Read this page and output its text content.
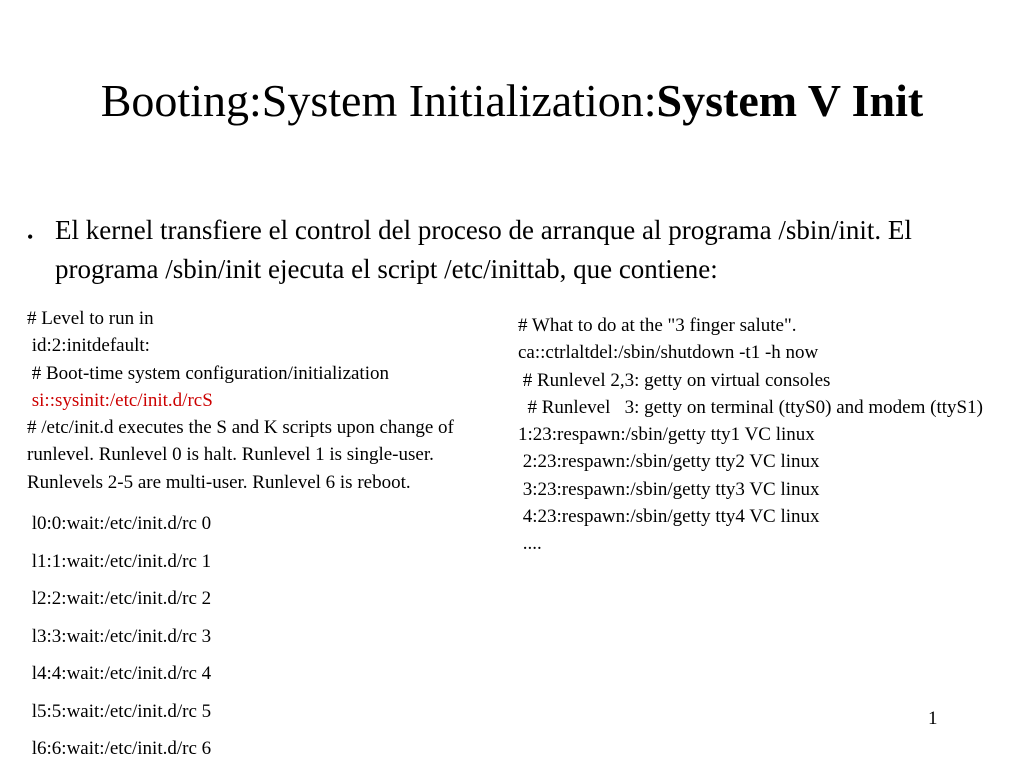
Booting:System Initialization:System V Init
• El kernel transfiere el control del proceso de arranque al programa /sbin/init. El programa /sbin/init ejecuta el script /etc/inittab, que contiene:
# Level to run in
id:2:initdefault:
# Boot-time system configuration/initialization
si::sysinit:/etc/init.d/rcS
# /etc/init.d executes the S and K scripts upon change of runlevel. Runlevel 0 is halt. Runlevel 1 is single-user. Runlevels 2-5 are multi-user. Runlevel 6 is reboot.
l0:0:wait:/etc/init.d/rc 0
l1:1:wait:/etc/init.d/rc 1
l2:2:wait:/etc/init.d/rc 2
l3:3:wait:/etc/init.d/rc 3
l4:4:wait:/etc/init.d/rc 4
l5:5:wait:/etc/init.d/rc 5
l6:6:wait:/etc/init.d/rc 6
# What to do at the "3 finger salute".
ca::ctrlaltdel:/sbin/shutdown -t1 -h now
# Runlevel 2,3: getty on virtual consoles
# Runlevel   3: getty on terminal (ttyS0) and modem (ttyS1)
1:23:respawn:/sbin/getty tty1 VC linux
2:23:respawn:/sbin/getty tty2 VC linux
3:23:respawn:/sbin/getty tty3 VC linux
4:23:respawn:/sbin/getty tty4 VC linux
....
1
